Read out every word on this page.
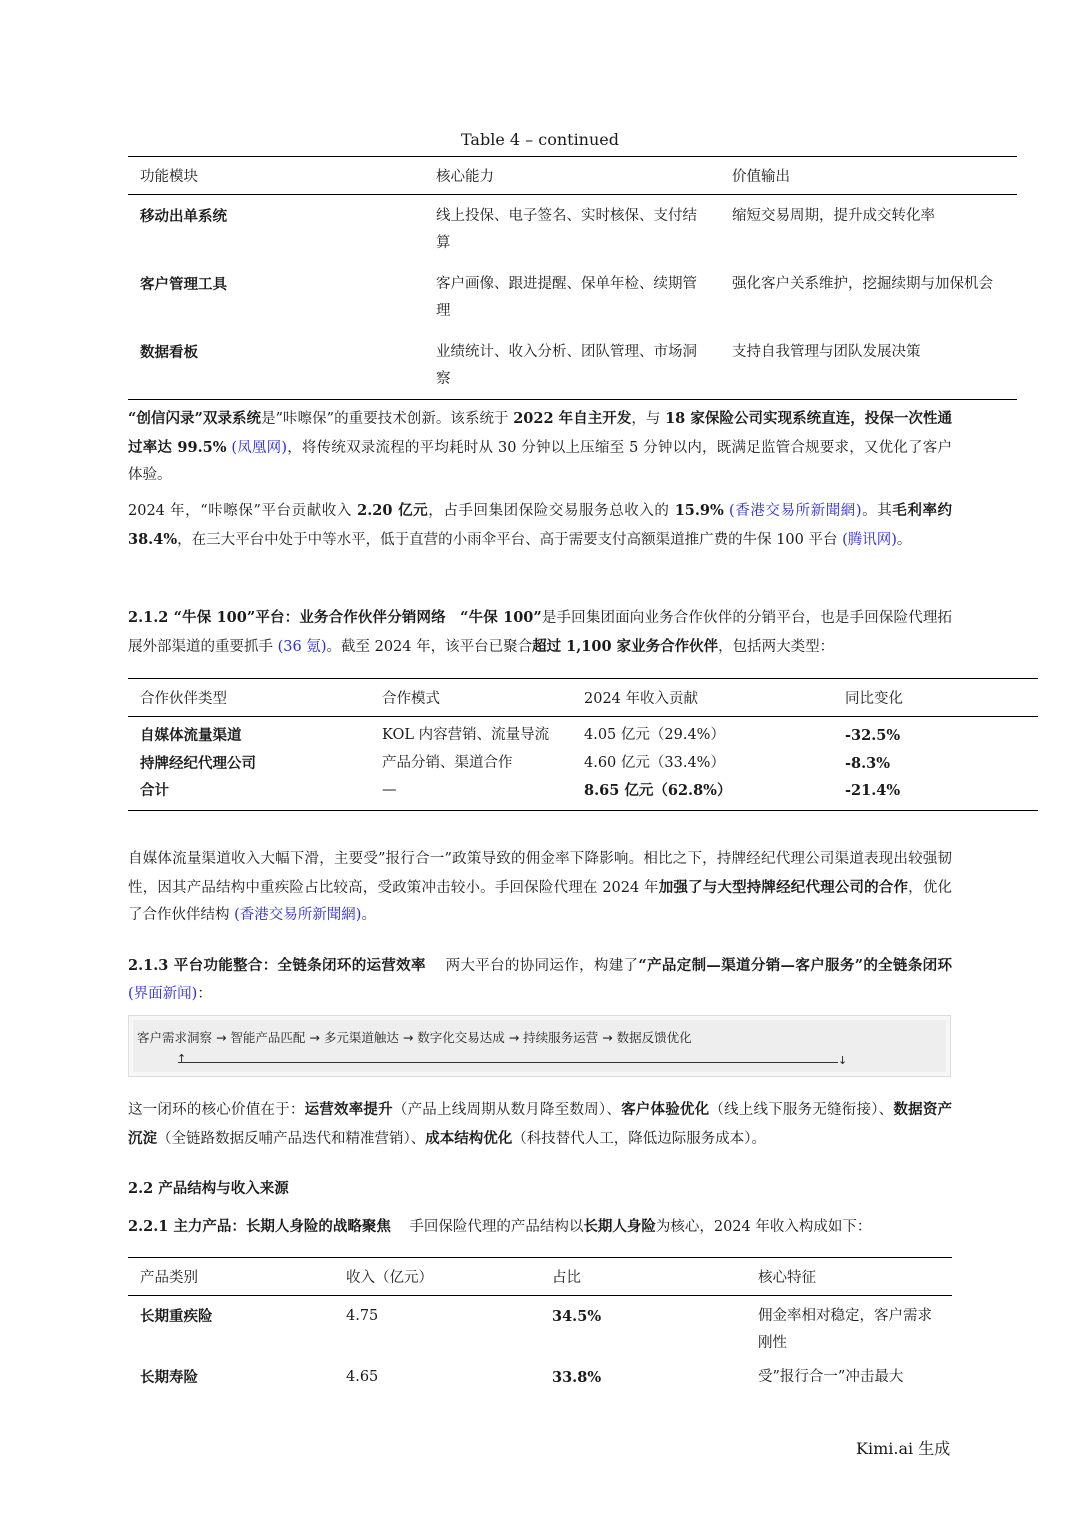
Table 4 – continued
功能模块	核心能力	价值输出
移动出单系统	线上投保、电子签名、实时核保、支付结算	缩短交易周期，提升成交转化率
客户管理工具	客户画像、跟进提醒、保单年检、续期管理	强化客户关系维护，挖掘续期与加保机会
数据看板	业绩统计、收入分析、团队管理、市场洞察	支持自我管理与团队发展决策
“创信闪录”双录系统是”咔嚓保”的重要技术创新。该系统于 2022 年自主开发，与 18 家保险公司实现系统直连，投保一次性通过率达 99.5% (凤凰网)，将传统双录流程的平均耗时从 30 分钟以上压缩至 5 分钟以内，既满足监管合规要求，又优化了客户体验。
2024 年，“咔嚓保”平台贡献收入 2.20 亿元，占手回集团保险交易服务总收入的 15.9% (香港交易所新聞網)。其毛利率约 38.4%，在三大平台中处于中等水平，低于直营的小雨伞平台、高于需要支付高额渠道推广费的牛保 100 平台 (腾讯网)。
2.1.2 “牛保 100”平台：业务合作伙伴分销网络 “牛保 100”是手回集团面向业务合作伙伴的分销平台，也是手回保险代理拓展外部渠道的重要抓手 (36 氪)。截至 2024 年，该平台已聚合超过 1,100 家业务合作伙伴，包括两大类型：
合作伙伴类型	合作模式	2024 年收入贡献	同比变化
自媒体流量渠道	KOL 内容营销、流量导流	4.05 亿元（29.4%）	-32.5%
持牌经纪代理公司	产品分销、渠道合作	4.60 亿元（33.4%）	-8.3%
合计	—	8.65 亿元（62.8%）	-21.4%
自媒体流量渠道收入大幅下滑，主要受”报行合一”政策导致的佣金率下降影响。相比之下，持牌经纪代理公司渠道表现出较强韧性，因其产品结构中重疾险占比较高，受政策冲击较小。手回保险代理在 2024 年加强了与大型持牌经纪代理公司的合作，优化了合作伙伴结构 (香港交易所新聞網)。
2.1.3 平台功能整合：全链条闭环的运营效率 两大平台的协同运作，构建了“产品定制—渠道分销—客户服务”的全链条闭环 (界面新闻)：
客户需求洞察 → 智能产品匹配 → 多元渠道触达 → 数字化交易达成 → 持续服务运营 → 数据反馈优化
↑	↓
这一闭环的核心价值在于：运营效率提升（产品上线周期从数月降至数周）、客户体验优化（线上线下服务无缝衔接）、数据资产沉淀（全链路数据反哺产品迭代和精准营销）、成本结构优化（科技替代人工，降低边际服务成本）。
2.2 产品结构与收入来源
2.2.1 主力产品：长期人身险的战略聚焦 手回保险代理的产品结构以长期人身险为核心，2024 年收入构成如下：
产品类别	收入（亿元）	占比	核心特征
长期重疾险	4.75	34.5%	佣金率相对稳定，客户需求刚性
长期寿险	4.65	33.8%	受”报行合一”冲击最大
Kimi.ai 生成
